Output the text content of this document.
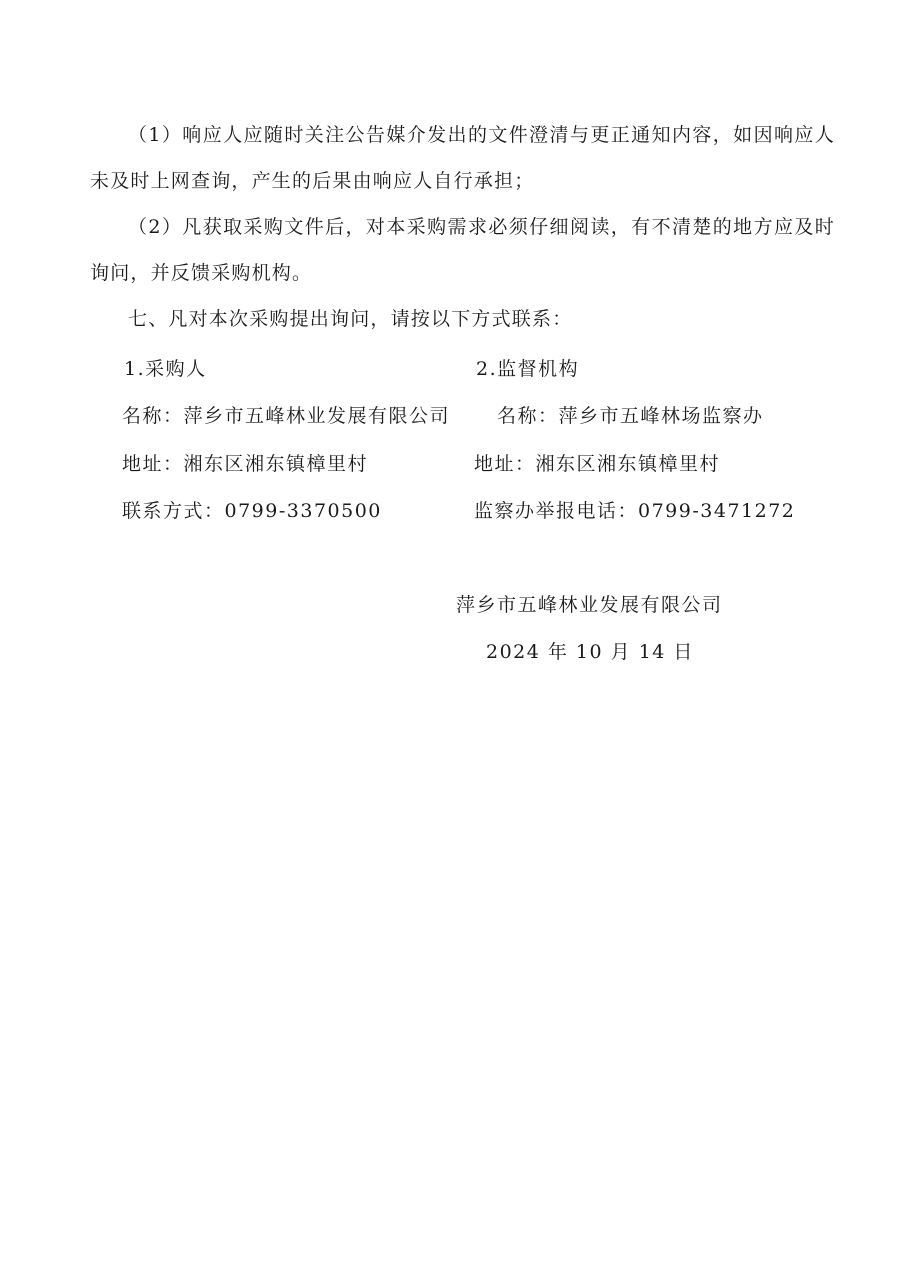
（1）响应人应随时关注公告媒介发出的文件澄清与更正通知内容，如因响应人未及时上网查询，产生的后果由响应人自行承担；

（2）凡获取采购文件后，对本采购需求必须仔细阅读，有不清楚的地方应及时询问，并反馈采购机构。

七、凡对本次采购提出询问，请按以下方式联系：

1.采购人
名称：萍乡市五峰林业发展有限公司
地址：湘东区湘东镇樟里村
联系方式：0799-3370500
2.监督机构
名称：萍乡市五峰林场监察办
地址：湘东区湘东镇樟里村
监察办举报电话：0799-3471272
萍乡市五峰林业发展有限公司
2024 年 10 月 14 日
